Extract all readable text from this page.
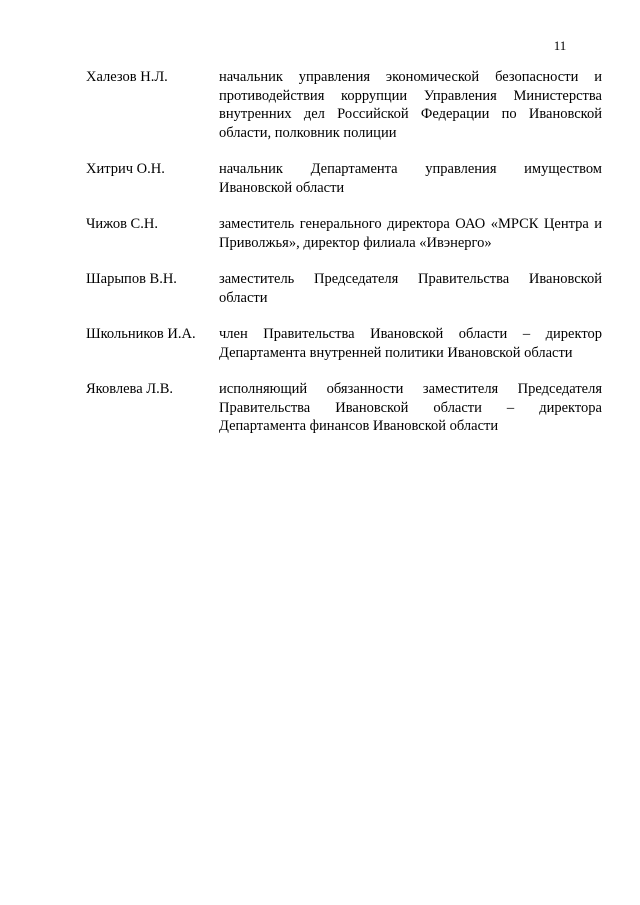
11
Халезов Н.Л.	начальник управления экономической безопасности и противодействия коррупции Управления Министерства внутренних дел Российской Федерации по Ивановской области, полковник полиции
Хитрич О.Н.	начальник Департамента управления имуществом Ивановской области
Чижов С.Н.	заместитель генерального директора ОАО «МРСК Центра и Приволжья», директор филиала «Ивэнерго»
Шарыпов В.Н.	заместитель Председателя Правительства Ивановской области
Школьников И.А.	член Правительства Ивановской области – директор Департамента внутренней политики Ивановской области
Яковлева Л.В.	исполняющий обязанности заместителя Председателя Правительства Ивановской области – директора Департамента финансов Ивановской области
